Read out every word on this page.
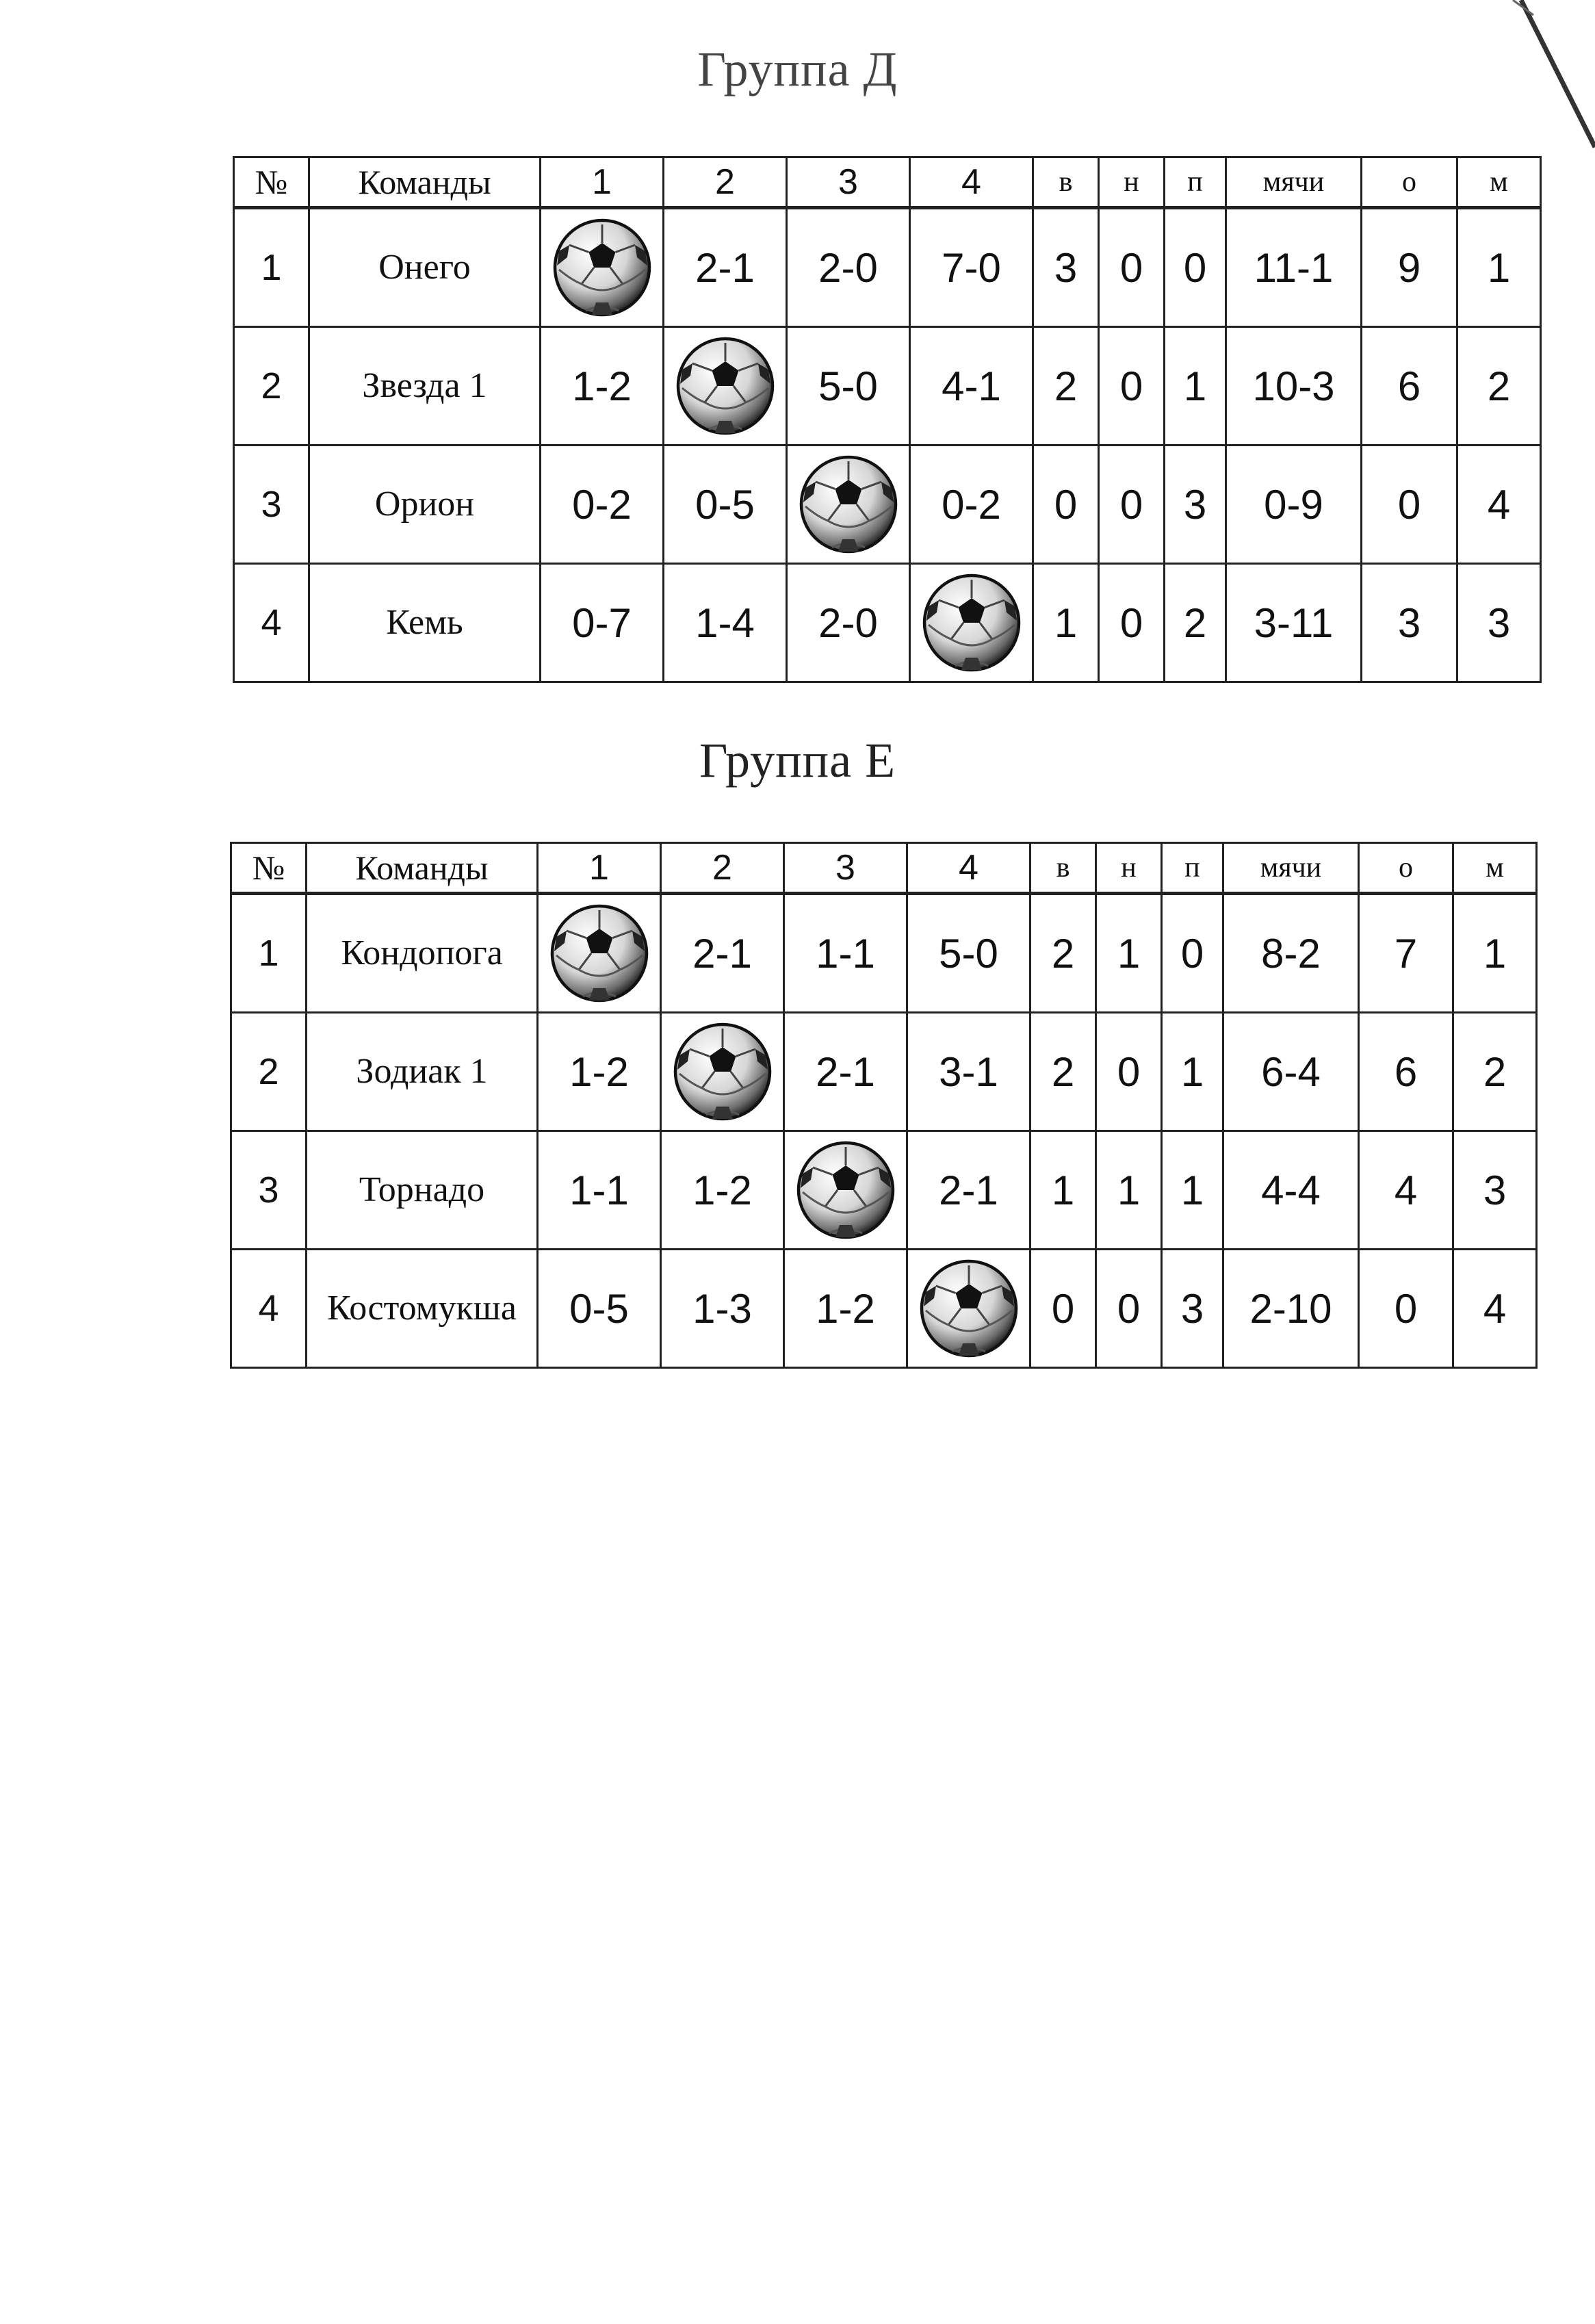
Группа Д
№	Команды	1	2	3	4	в	н	п	мячи	о	м
1	Онего		2-1	2-0	7-0	3	0	0	11-1	9	1
2	Звезда 1	1-2		5-0	4-1	2	0	1	10-3	6	2
3	Орион	0-2	0-5		0-2	0	0	3	0-9	0	4
4	Кемь	0-7	1-4	2-0		1	0	2	3-11	3	3
Группа Е
№	Команды	1	2	3	4	в	н	п	мячи	о	м
1	Кондопога		2-1	1-1	5-0	2	1	0	8-2	7	1
2	Зодиак 1	1-2		2-1	3-1	2	0	1	6-4	6	2
3	Торнадо	1-1	1-2		2-1	1	1	1	4-4	4	3
4	Костомукша	0-5	1-3	1-2		0	0	3	2-10	0	4
